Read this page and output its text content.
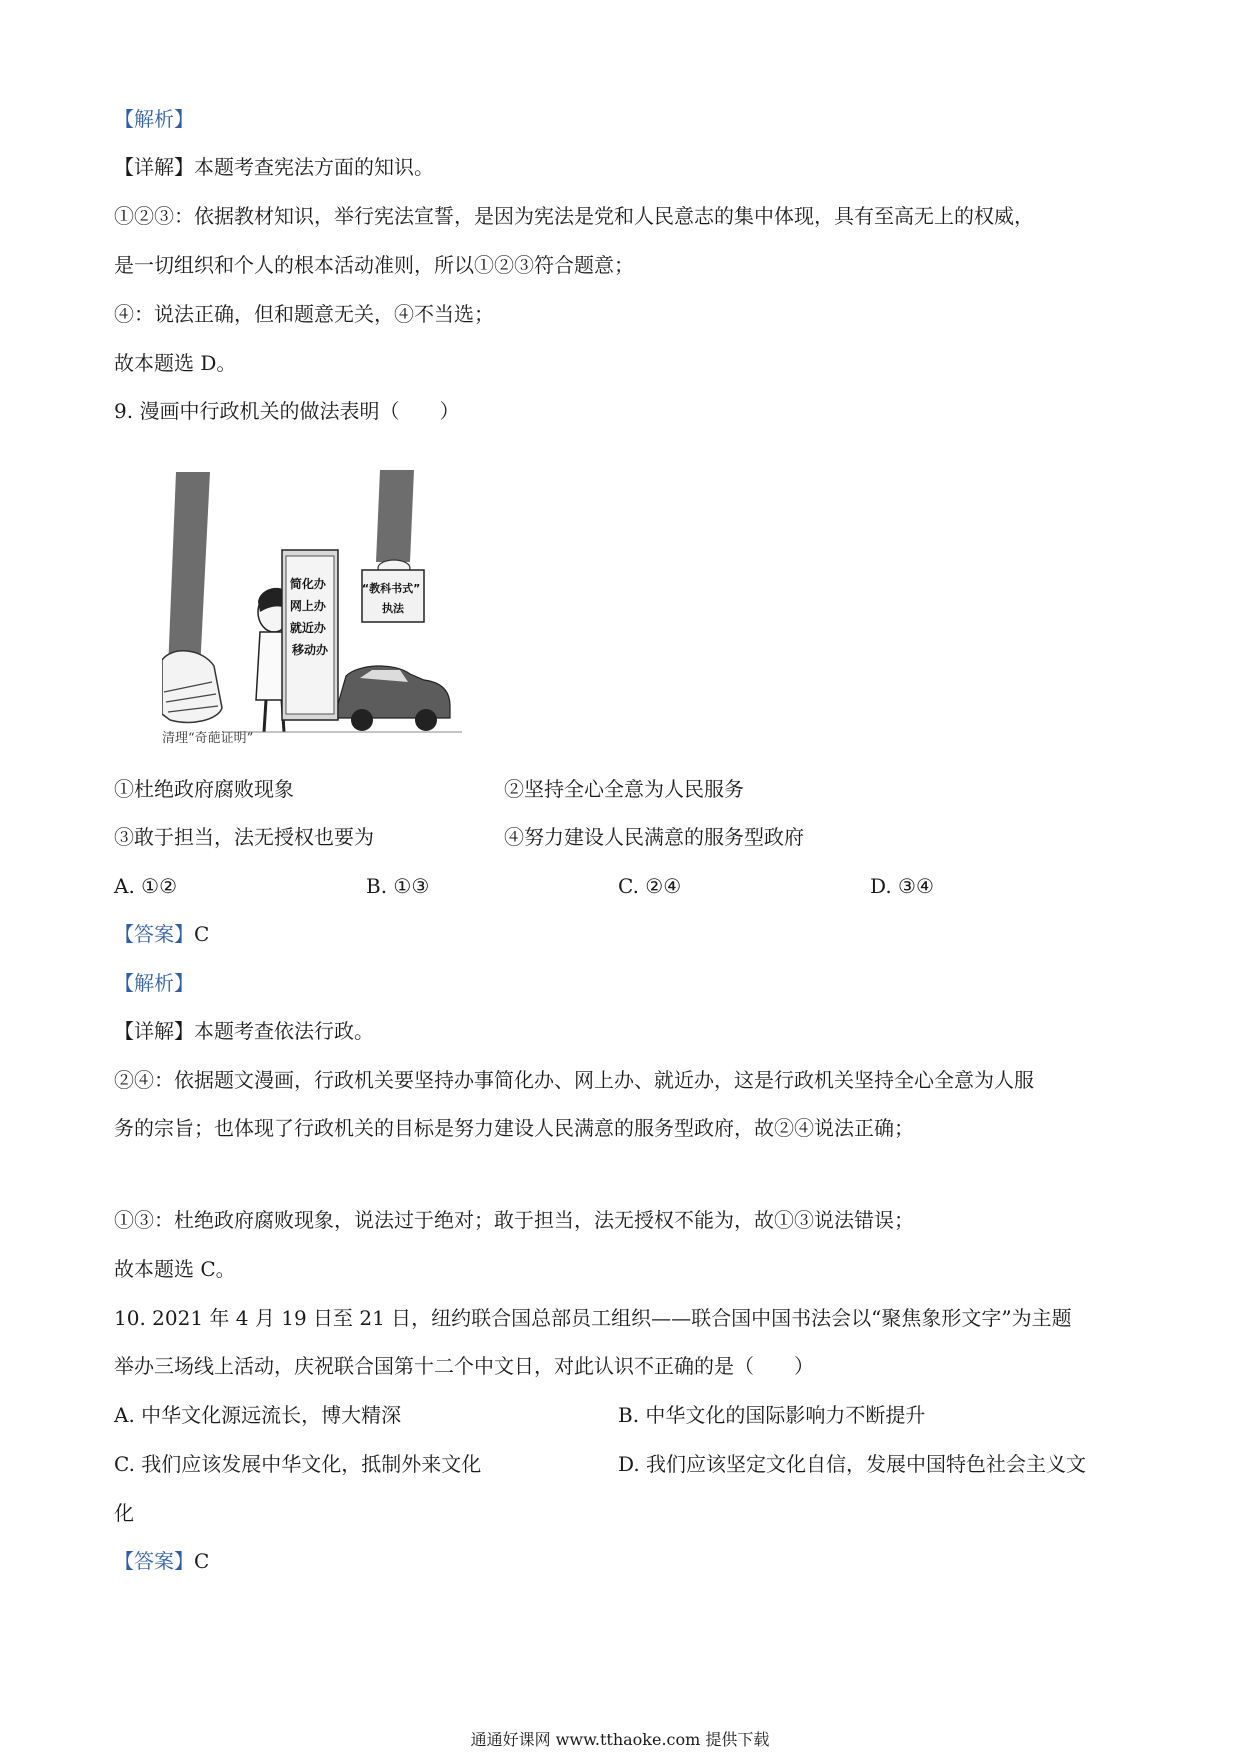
【解析】
【详解】本题考查宪法方面的知识。
①②③：依据教材知识，举行宪法宣誓，是因为宪法是党和人民意志的集中体现，具有至高无上的权威，
是一切组织和个人的根本活动准则，所以①②③符合题意；
④：说法正确，但和题意无关，④不当选；
故本题选 D。
9. 漫画中行政机关的做法表明（　　）
简化办 网上办 就近办 移动办
“教科书式” 执法
清理“奇葩证明”
①杜绝政府腐败现象	②坚持全心全意为人民服务
③敢于担当，法无授权也要为	④努力建设人民满意的服务型政府
A. ①②	B. ①③	C. ②④	D. ③④
【答案】C
【解析】
【详解】本题考查依法行政。
②④：依据题文漫画，行政机关要坚持办事简化办、网上办、就近办，这是行政机关坚持全心全意为人服
务的宗旨；也体现了行政机关的目标是努力建设人民满意的服务型政府，故②④说法正确；
①③：杜绝政府腐败现象，说法过于绝对；敢于担当，法无授权不能为，故①③说法错误；
故本题选 C。
10. 2021 年 4 月 19 日至 21 日，纽约联合国总部员工组织——联合国中国书法会以“聚焦象形文字”为主题
举办三场线上活动，庆祝联合国第十二个中文日，对此认识不正确的是（　　）
A. 中华文化源远流长，博大精深	B. 中华文化的国际影响力不断提升
C. 我们应该发展中华文化，抵制外来文化	D. 我们应该坚定文化自信，发展中国特色社会主义文
化
【答案】C
通通好课网 www.tthaoke.com 提供下载
